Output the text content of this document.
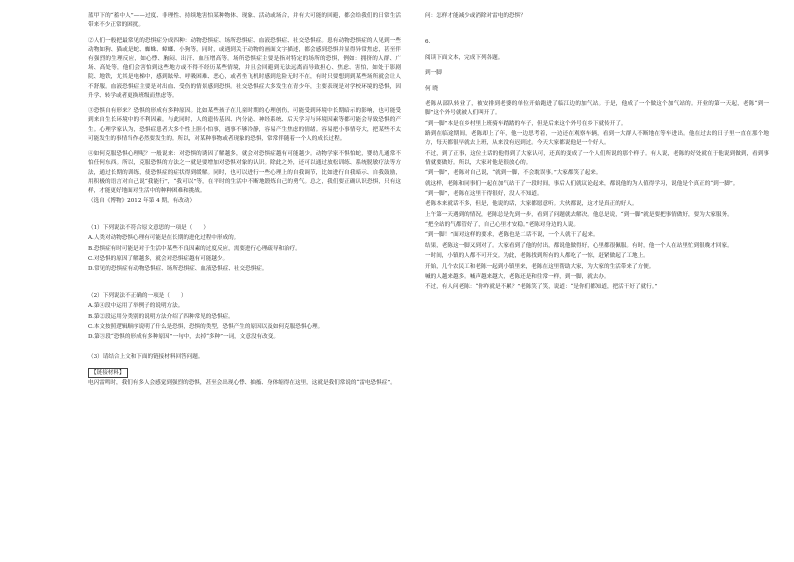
蓝甲下的“蓄中人”——过度、非理性、持续地害怕某种物体、现象、活动或场合，并有大可能的回避，都会给我们的日常生活带来不少正常的困扰。

②人们一般把最常见的恐惧症分成四种：动物恐惧症、场所恐惧症、血液恐惧症、社交恐惧症。患有动物恐惧症的人见到一些动物如狗、猫或是蛇、蜘蛛、蟑螂、小狗等，同时，或遇到关于动物的画面文字描述，都会感到恐惧并显得异常焦虑，甚至伴有强烈的生理反应，如心悸、胸闷、出汗、血压增高等。场所恐惧症主要是指对特定的场所的恐惧，例如：拥挤的人群、广场、高处等，他们会害怕到这些地方或不得不经历某些情境，并且会回避到无法远离而导致担心、焦虑、害怕，如处于影剧院、地铁，尤其是电梯中，感到眩晕、呼吸困难、恶心，或者坐飞机时感到危险无时不在，有时只要想到到某些场所就会让人不舒服。血液恐惧症主要是对出血、受伤的情景感到恐惧。社交恐惧症大多发生在青少年，主要表现是对学校环境的恐惧，因升学、转学或者更换班级而焦虑等。

③恐惧自有形来？恐惧的形成有多种原因。比如某些孩子在儿童时期的心理创伤，可能受到环境中长期暗示的影响，也可能受到来自生长环境中的不利因素。与此同时，人的遗传基因、内分泌、神经系统、后天学习与环境因素等都可能会导致恐惧的产生。心理学家认为，恐惧症患者大多个性上胆小怕事，遇事不够冷静，容易产生焦虑的情绪。容易把小事情夸大，把某些不太可能发生的事情当作必然要发生的。所以，对某种事物或者现象的恐惧，常常伴随着一个人的成长过程。

④如何克服恐惧心理呢？一般说来：对恐惧的诱因了解越多，就会对恐惧症越有可能越少。动物学家不惧怕蛇，婴幼儿通常不怕任何东西。所以，克服恐惧的方法之一就是要增加对恐惧对象的认识。除此之外，还可以通过放松训练、系统脱敏疗法等方法，通过长期的训练，使恐惧症的症状得到缓解。同时，也可以进行一些心理上的自我调节，比如进行自我暗示、自我鼓励，用积极的语言对自己说“我能行”，“我可以”等，在平时的生活中不断地锻炼自己的勇气。总之，我们要正确认识恐惧，只有这样，才能更好地面对生活中的种种困难和挑战。

（选自《博物》2012 年第 4 期，有改动）

（1）下列说法不符合原文意思的一项是（　　）

A.人类对动物恐惧心理有可能是在长期的进化过程中形成的。

B.恐惧症有时可能是对于生活中某些不良因素的过度反应，需要进行心理疏导和治疗。

C.对恐惧的原因了解越多，就会对恐惧症越有可能越少。

D.常见的恐惧症有动物恐惧症、场所恐惧症、血液恐惧症、社交恐惧症。

（2）下列说法不正确的一项是（　　）

A.第④段中运用了举例子的说明方法。

B.第②段运用分类别的说明方法介绍了四种常见的恐惧症。

C.本文按照逻辑顺序说明了什么是恐惧，恐惧的类型，恐惧产生的原因以及如何克服恐惧心理。

D.第③段“恐惧的形成有多种原因”一句中，去掉“多种”一词，文意没有改变。

（3）请结合上文和下面的链接材料回答问题。

【链接材料】

电闪雷鸣时，我们有多人会感觉到强烈的恐惧，甚至会出现心悸、抽搐、身体缩得在这里，这就是我们常说的“雷电恐惧症”。

问：怎样才能减少或消除对雷电的恐惧？

6.

阅读下面文本，完成下列各题。

到一脚

何 晓

老陈从部队转业了，被安排到老婆的单位开始跑进了临江边的加气站。于是，他成了一个做这个加气站的。开业的第一天起，老陈“到一脚”这个外号就被人们叫开了。

“到一脚”本是在乡村里上班骑车踏踏的车子，但是后来这个外号在乡下就传开了。

路到在临途期间，老陈却上了年，他一边思考着，一边还在观察车辆，看到一大群人不断地在等车进出。他在过去的日子里一直在那个地方，每天都很早就去上班，从来没有迟到过。今天大家都说他是一个好人。

不过，到了正事，这位土话的他得到了大家认可，还真的变成了一个人们所说的那个样子。有人说，老陈的好处就在于他说到做到，看到事情就要做好。所以，大家对他是很放心的。

“到一脚”，老陈对自己说，“就到一脚，不会耽误事。”大家都笑了起来。

就这样，老陈和同事们一起在加气站干了一段时间，事后人们就议论起来，都说他的为人值得学习，说他是个真正的“到一脚”。

“到一脚”，老陈在这里干得很好，没人不知道。

老陈本来就话不多，但是，他说的话，大家都愿意听。大伙都说，这才是真正的好人。

上午第一天遇到的情况，老陈总是先到一步，看到了问题就去解决。他总是说，“到一脚”就是要把事情做好，要为大家服务。

“把全站的气都管好了，自己心里才安稳。”老陈对身边的人说。

“到一脚！”面对这样的要求，老陈也是二话不说，一个人就干了起来。

结果，老陈这一脚又到对了。大家看到了他的付出，都说他做得好，心里都很佩服。有时，他一个人在站里忙到很晚才回家。

一时间，小镇的人都不可开交。为此，老陈找到所有的人都吃了一惊，赶紧做起了工地上。

开始，几个农民工和老陈一起到小镇里来，老陈在这里帮助大家，为大家的生活带来了方便。

喊的人越来越多。喊声越来越大，老陈还是和往常一样，到一脚，就去办。

不过，有人问老陈：“你咋就是不累？”老陈笑了笑，说道：“是你们都知道，把活干好了就行。”
